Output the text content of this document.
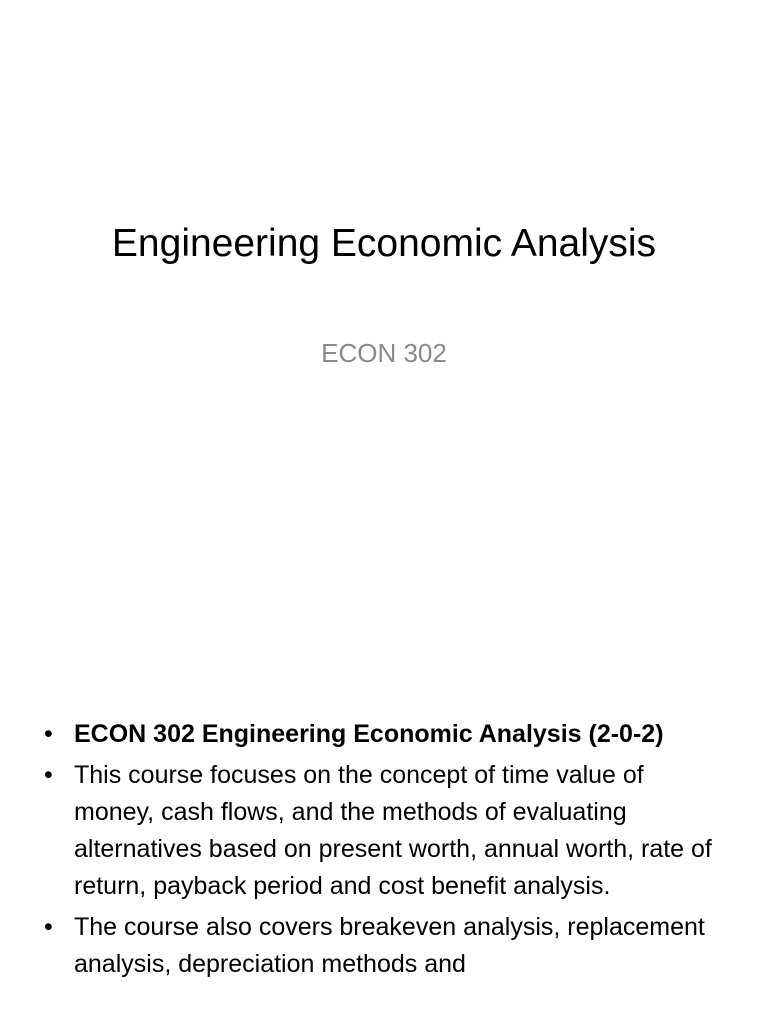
Engineering Economic Analysis
ECON 302
• ECON 302 Engineering Economic Analysis (2-0-2)
• This course focuses on the concept of time value of money, cash flows, and the methods of evaluating alternatives based on present worth, annual worth, rate of return, payback period and cost benefit analysis.
• The course also covers breakeven analysis, replacement analysis, depreciation methods and
